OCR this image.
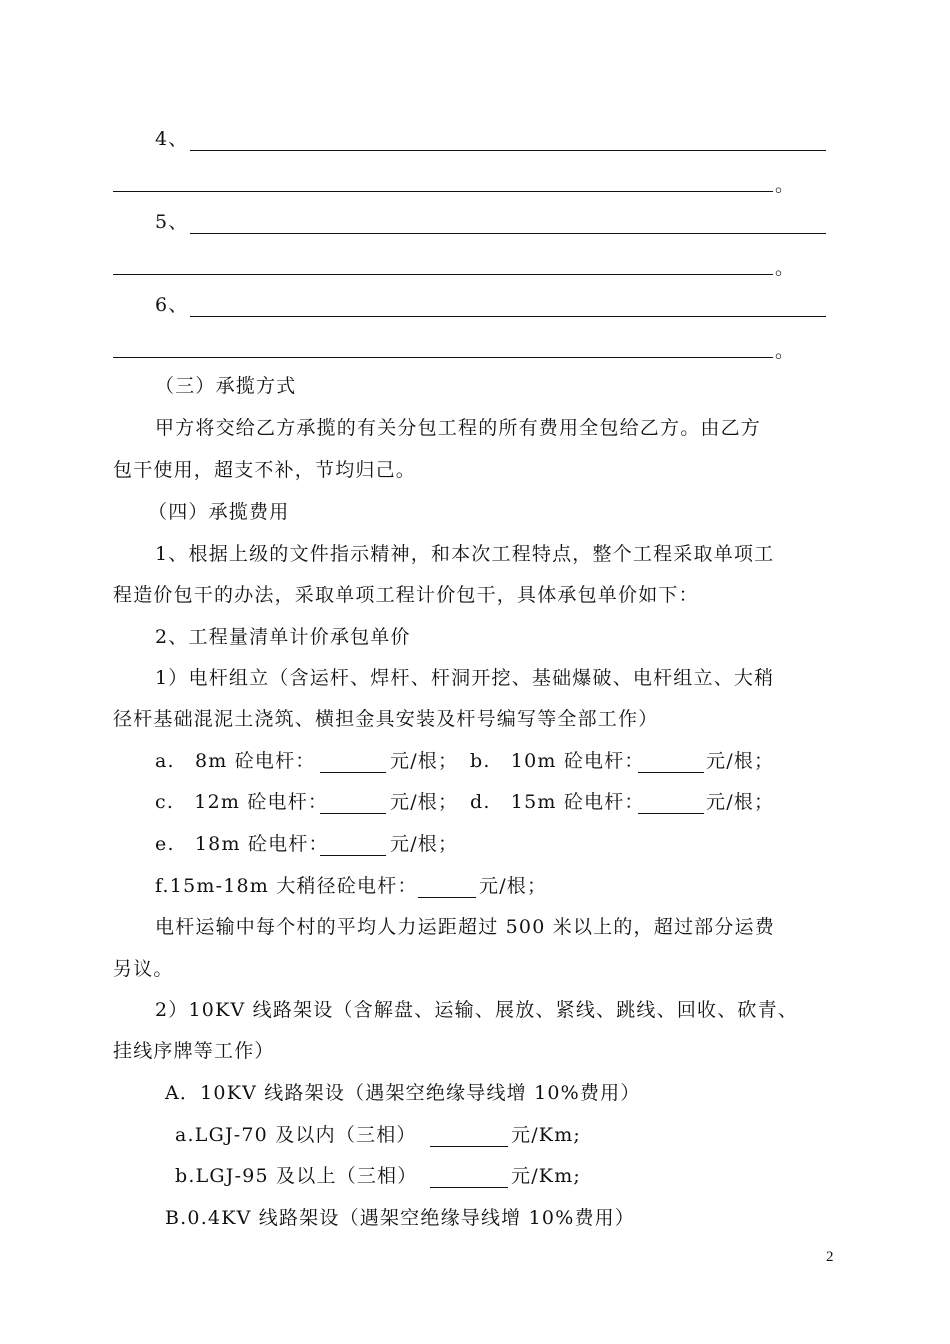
4、
。
5、
。
6、
。
（三）承揽方式
甲方将交给乙方承揽的有关分包工程的所有费用全包给乙方。由乙方
包干使用，超支不补，节均归己。
（四）承揽费用
1、根据上级的文件指示精神，和本次工程特点，整个工程采取单项工
程造价包干的办法，采取单项工程计价包干，具体承包单价如下：
2、工程量清单计价承包单价
1）电杆组立（含运杆、焊杆、杆洞开挖、基础爆破、电杆组立、大稍
径杆基础混泥土浇筑、横担金具安装及杆号编写等全部工作）
a.　8m 砼电杆：	元/根； b.　10m 砼电杆：	元/根；
c.　12m 砼电杆：	元/根； d.　15m 砼电杆：	元/根；
e.　18m 砼电杆：	元/根；
f.15m-18m 大稍径砼电杆：	元/根；
电杆运输中每个村的平均人力运距超过 500 米以上的，超过部分运费
另议。
2）10KV 线路架设（含解盘、运输、展放、紧线、跳线、回收、砍青、
挂线序牌等工作）
A．10KV 线路架设（遇架空绝缘导线增 10%费用）
a.LGJ-70 及以内（三相）	元/Km;
b.LGJ-95 及以上（三相）	元/Km;
B.0.4KV 线路架设（遇架空绝缘导线增 10%费用）
2
